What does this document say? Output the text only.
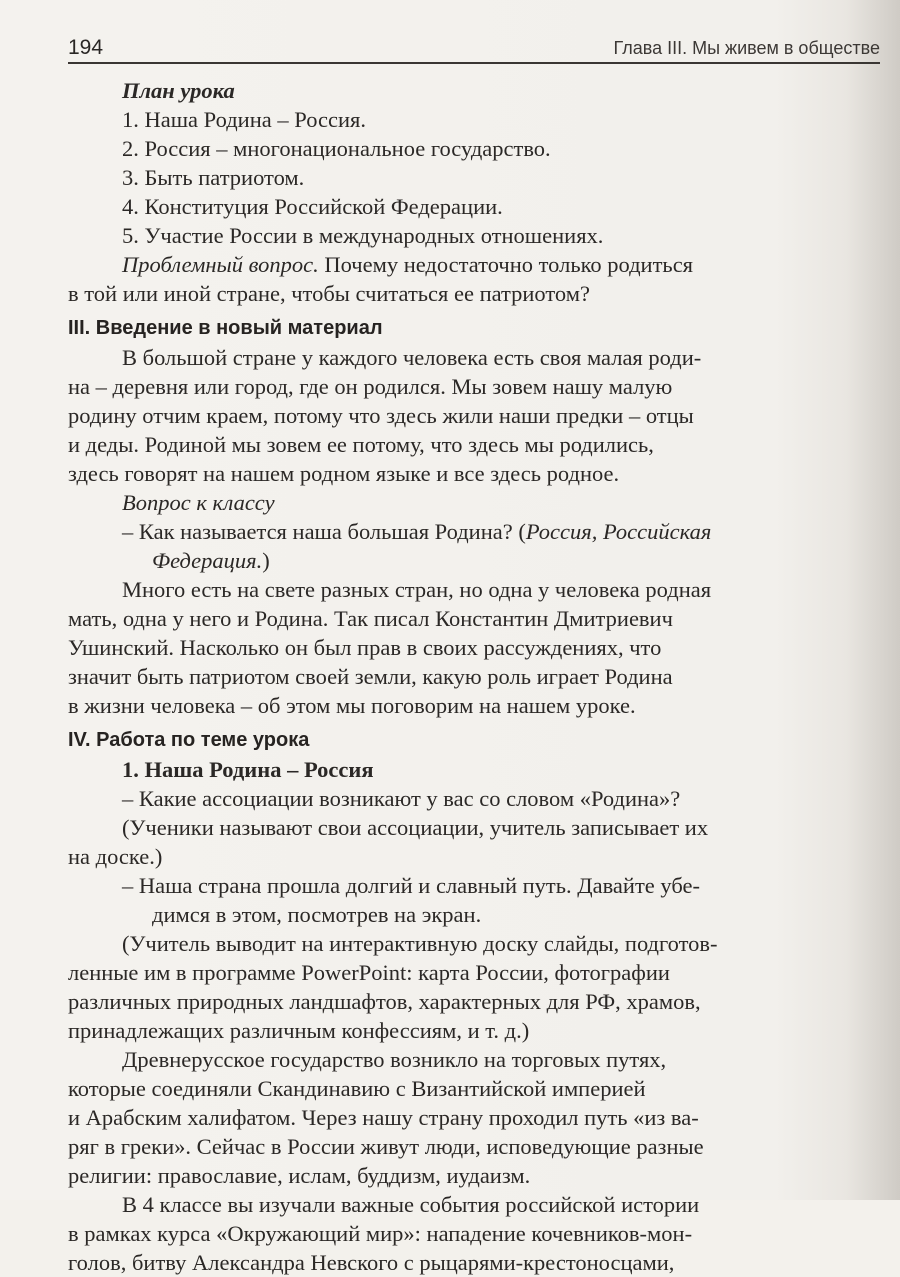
194	Глава III. Мы живем в обществе
План урока
1. Наша Родина – Россия.
2. Россия – многонациональное государство.
3. Быть патриотом.
4. Конституция Российской Федерации.
5. Участие России в международных отношениях.
Проблемный вопрос. Почему недостаточно только родиться
в той или иной стране, чтобы считаться ее патриотом?
III. Введение в новый материал
В большой стране у каждого человека есть своя малая роди-
на – деревня или город, где он родился. Мы зовем нашу малую
родину отчим краем, потому что здесь жили наши предки – отцы
и деды. Родиной мы зовем ее потому, что здесь мы родились,
здесь говорят на нашем родном языке и все здесь родное.
Вопрос к классу
– Как называется наша большая Родина? (Россия, Российская
Федерация.)
Много есть на свете разных стран, но одна у человека родная
мать, одна у него и Родина. Так писал Константин Дмитриевич
Ушинский. Насколько он был прав в своих рассуждениях, что
значит быть патриотом своей земли, какую роль играет Родина
в жизни человека – об этом мы поговорим на нашем уроке.
IV. Работа по теме урока
1. Наша Родина – Россия
– Какие ассоциации возникают у вас со словом «Родина»?
(Ученики называют свои ассоциации, учитель записывает их
на доске.)
– Наша страна прошла долгий и славный путь. Давайте убе-
димся в этом, посмотрев на экран.
(Учитель выводит на интерактивную доску слайды, подготов-
ленные им в программе PowerPoint: карта России, фотографии
различных природных ландшафтов, характерных для РФ, храмов,
принадлежащих различным конфессиям, и т. д.)
Древнерусское государство возникло на торговых путях,
которые соединяли Скандинавию с Византийской империей
и Арабским халифатом. Через нашу страну проходил путь «из ва-
ряг в греки». Сейчас в России живут люди, исповедующие разные
религии: православие, ислам, буддизм, иудаизм.
В 4 классе вы изучали важные события российской истории
в рамках курса «Окружающий мир»: нападение кочевников-мон-
голов, битву Александра Невского с рыцарями-крестоносцами,
